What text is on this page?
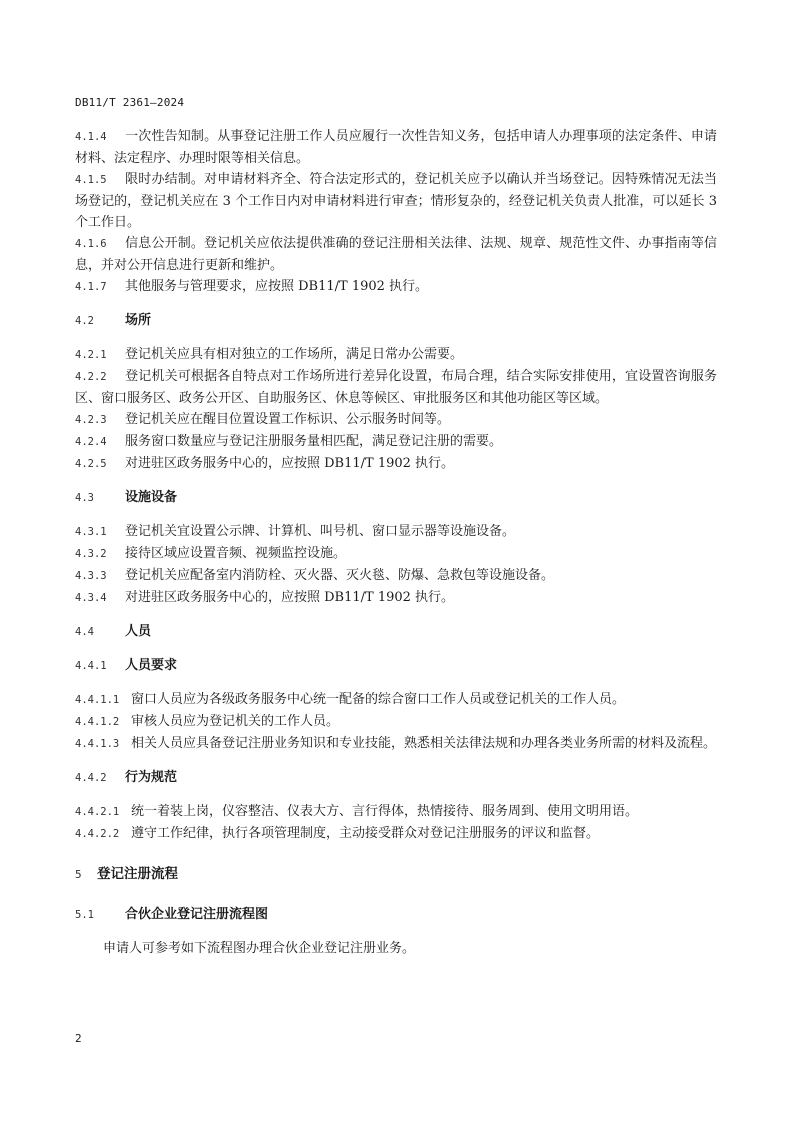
DB11/T 2361—2024
4.1.4 一次性告知制。从事登记注册工作人员应履行一次性告知义务，包括申请人办理事项的法定条件、申请材料、法定程序、办理时限等相关信息。
4.1.5 限时办结制。对申请材料齐全、符合法定形式的，登记机关应予以确认并当场登记。因特殊情况无法当场登记的，登记机关应在 3 个工作日内对申请材料进行审查；情形复杂的，经登记机关负责人批准，可以延长 3 个工作日。
4.1.6 信息公开制。登记机关应依法提供准确的登记注册相关法律、法规、规章、规范性文件、办事指南等信息，并对公开信息进行更新和维护。
4.1.7 其他服务与管理要求，应按照 DB11/T 1902 执行。
4.2 场所
4.2.1 登记机关应具有相对独立的工作场所，满足日常办公需要。
4.2.2 登记机关可根据各自特点对工作场所进行差异化设置，布局合理，结合实际安排使用，宜设置咨询服务区、窗口服务区、政务公开区、自助服务区、休息等候区、审批服务区和其他功能区等区域。
4.2.3 登记机关应在醒目位置设置工作标识、公示服务时间等。
4.2.4 服务窗口数量应与登记注册服务量相匹配，满足登记注册的需要。
4.2.5 对进驻区政务服务中心的，应按照 DB11/T 1902 执行。
4.3 设施设备
4.3.1 登记机关宜设置公示牌、计算机、叫号机、窗口显示器等设施设备。
4.3.2 接待区域应设置音频、视频监控设施。
4.3.3 登记机关应配备室内消防栓、灭火器、灭火毯、防爆、急救包等设施设备。
4.3.4 对进驻区政务服务中心的，应按照 DB11/T 1902 执行。
4.4 人员
4.4.1 人员要求
4.4.1.1 窗口人员应为各级政务服务中心统一配备的综合窗口工作人员或登记机关的工作人员。
4.4.1.2 审核人员应为登记机关的工作人员。
4.4.1.3 相关人员应具备登记注册业务知识和专业技能，熟悉相关法律法规和办理各类业务所需的材料及流程。
4.4.2 行为规范
4.4.2.1 统一着装上岗，仪容整洁、仪表大方、言行得体，热情接待、服务周到、使用文明用语。
4.4.2.2 遵守工作纪律，执行各项管理制度，主动接受群众对登记注册服务的评议和监督。
5 登记注册流程
5.1 合伙企业登记注册流程图
申请人可参考如下流程图办理合伙企业登记注册业务。
2
